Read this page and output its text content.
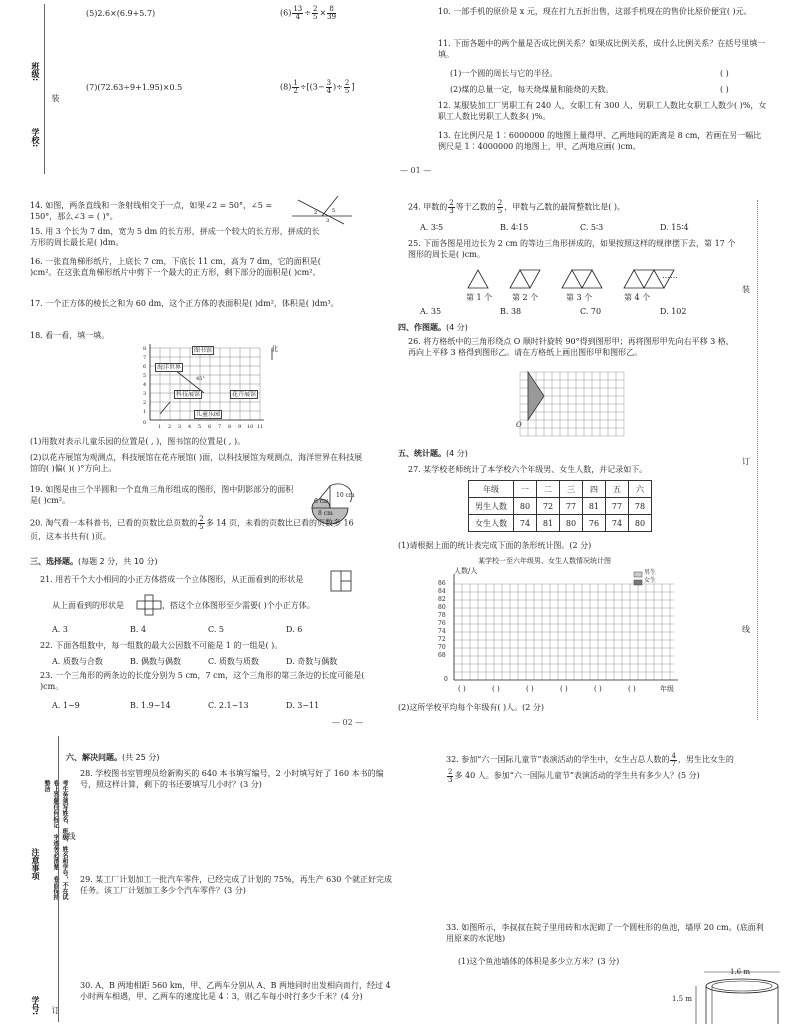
班级:
学校:
装
(5)2.6×(6.9+5.7)	$(6) \frac{13}{4} \div \frac{2}{5} \times \frac{8}{39}$
(7)(72.63÷9+1.95)×0.5	$(8) \frac{1}{2} \div[(3- \frac{3}{4}$ )÷ $\frac{2}{5}$ ]
10. 一部手机的原价是 x 元，现在打九五折出售，这部手机现在的售价比原价便宜( )元。
11. 下面各题中的两个量是否成比例关系？如果成比例关系，成什么比例关系？在括号里填一填。
(1)一个圆的周长与它的半径。	( )
(2)煤的总量一定，每天烧煤量和能烧的天数。	( )
12. 某服装加工厂男职工有 240 人，女职工有 300 人，男职工人数比女职工人数少( )%，女职工人数比男职工人数多( )%。
13. 在比例尺是 1∶6000000 的地图上量得甲、乙两地间的距离是 8 cm，若画在另一幅比例尺是 1∶4000000 的地图上，甲、乙两地应画( )cm。
— 01 —
14. 如图，两条直线和一条射线相交于一点，如果∠2 = 50°，∠5 = 150°，那么∠3 = ( )°。	2
3
5
15. 用 3 个长为 7 dm，宽为 5 dm 的长方形，拼成一个较大的长方形，拼成的长方形的周长最长是( )dm。
16. 一张直角梯形纸片，上底长 7 cm，下底长 11 cm，高为 7 dm，它的面积是( )cm²。在这张直角梯形纸片中剪下一个最大的正方形，剩下部分的面积是( )cm²。
17. 一个正方体的棱长之和为 60 dm，这个正方体的表面积是( )dm²，体积是( )dm³。
18. 看一看，填一填。
8
7
6
5
4
3
2
1
0
1 2 3 4 5 6 7 8 9 10 11
图书馆	北
海洋世界
45°
科技展馆	花卉展馆
儿童乐园
(1)用数对表示儿童乐园的位置是( , )，图书馆的位置是( , )。
(2)以花卉展馆为观测点，科技展馆在花卉展馆( )面，以科技展馆为观测点，海洋世界在科技展馆的( )偏( )( )°方向上。
19. 如图是由三个半圆和一个直角三角形组成的图形，图中阴影部分的面积是( )cm²。
10 cm
6 cm
8 cm
20. 淘气看一本科普书，已看的页数比总页数的 $\frac{2}{5}$ 多 14 页，未看的页数比已看的页数多 16 页，这本书共有( )页。
三、选择题。(每题 2 分，共 10 分)
21. 用若干个大小相同的小正方体搭成一个立体图形，从正面看到的形状是
从上面看到的形状是	，搭这个立体图形至少需要( )个小正方体。
A. 3	B. 4	C. 5	D. 6
22. 下面各组数中，每一组数的最大公因数不可能是 1 的一组是( )。
A. 质数与合数	B. 偶数与偶数	C. 质数与质数	D. 奇数与偶数
23. 一个三角形的两条边的长度分别为 5 cm，7 cm，这个三角形的第三条边的长度可能是( )cm。
A. 1~9	B. 1.9~14	C. 2.1~13	D. 3~11
24. 甲数的 $\frac{2}{3}$ 等于乙数的 $\frac{2}{5}$ ，甲数与乙数的最简整数比是( )。
A. 3∶5	B. 4∶15	C. 5∶3	D. 15∶4
25. 下面各图是用边长为 2 cm 的等边三角形拼成的，如果按照这样的规律摆下去，第 17 个图形的周长是( )cm。
……
第 1 个 第 2 个	第 3 个	第 4 个
A. 35	B. 38	C. 70	D. 102
四、作图题。(4 分)
26. 将方格纸中的三角形绕点 O 顺时针旋转 90°得到图形甲；再将图形甲先向右平移 3 格，再向上平移 3 格得到图形乙。请在方格纸上画出图形甲和图形乙。
O
五、统计题。(4 分)
27. 某学校老师统计了本学校六个年级男、女生人数，并记录如下。
年级	一	二	三	四	五	六
男生人数	80	72	77	81	77	78
女生人数	74	81	80	76	74	80
(1)请根据上面的统计表完成下面的条形统计图。(2 分)
某学校一至六年级男、女生人数情况统计图
人数/人	男生
女生
86
84
82
80
78
76
74
72
70
68
0
( )	( )	( )	( )	( )	( )	年级
(2)这所学校平均每个年级有( )人。(2 分)
— 02 —
装
订
线
注意事项	考生务须写姓名、班级、姓名和学号，不在试卷上答题任何标记，字迹务必清楚，卷面保持整洁
学号:
线
订
六、解决问题。(共 25 分)
28. 学校图书室管理员给新购买的 640 本书填写编号，2 小时填写好了 160 本书的编号，照这样计算，剩下的书还要填写几小时？(3 分)
29. 某工厂计划加工一批汽车零件，已经完成了计划的 75%，再生产 630 个就正好完成任务。该工厂计划加工多少个汽车零件？(3 分)
30. A、B 两地相距 560 km，甲、乙两车分别从 A、B 两地同时出发相向而行，经过 4 小时两车相遇，甲、乙两车的速度比是 4∶3，则乙车每小时行多少千米？(4 分)
32. 参加“六一国际儿童节”表演活动的学生中，女生占总人数的 $\frac{4}{7}$ ，男生比女生的

$\frac{2}{3}$ 多 40 人。参加“六一国际儿童节”表演活动的学生共有多少人？(5 分)
33. 如图所示，李叔叔在院子里用砖和水泥砌了一个圆柱形的鱼池，墙厚 20 cm。(底面利用原来的水泥地)
(1)这个鱼池墙体的体积是多少立方米？(3 分)
1.6 m
1.5 m
